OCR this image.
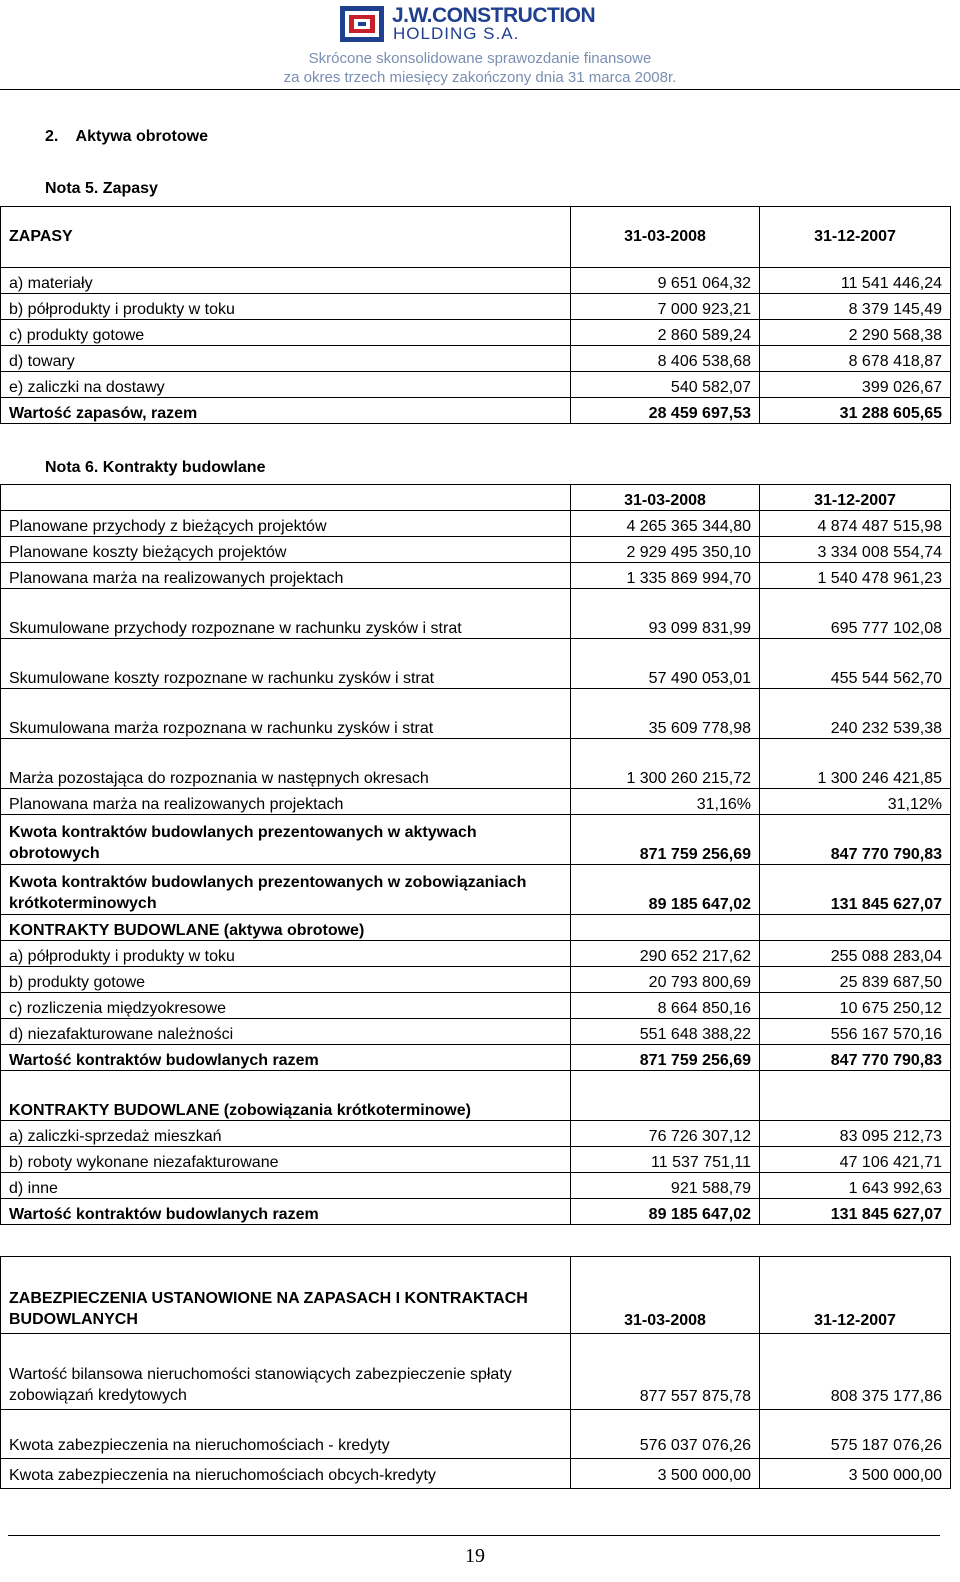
J.W.CONSTRUCTION
HOLDING S.A.
Skrócone skonsolidowane sprawozdanie finansowe
za okres trzech miesięcy zakończony dnia 31 marca 2008r.
2.    Aktywa obrotowe
Nota 5. Zapasy
ZAPASY	31-03-2008	31-12-2007
a) materiały	9 651 064,32	11 541 446,24
b) półprodukty i produkty w toku	7 000 923,21	8 379 145,49
c) produkty gotowe	2 860 589,24	2 290 568,38
d) towary	8 406 538,68	8 678 418,87
e) zaliczki na dostawy	540 582,07	399 026,67
Wartość zapasów, razem	28 459 697,53	31 288 605,65
Nota 6. Kontrakty budowlane
	31-03-2008	31-12-2007
Planowane przychody z bieżących projektów	4 265 365 344,80	4 874 487 515,98
Planowane koszty bieżących projektów	2 929 495 350,10	3 334 008 554,74
Planowana marża na realizowanych projektach	1 335 869 994,70	1 540 478 961,23
Skumulowane przychody rozpoznane w rachunku zysków i strat	93 099 831,99	695 777 102,08
Skumulowane koszty rozpoznane w rachunku zysków i strat	57 490 053,01	455 544 562,70
Skumulowana marża rozpoznana w rachunku zysków i strat	35 609 778,98	240 232 539,38
Marża pozostająca do rozpoznania w następnych okresach	1 300 260 215,72	1 300 246 421,85
Planowana marża na realizowanych projektach	31,16%	31,12%
Kwota kontraktów budowlanych prezentowanych w aktywach obrotowych	871 759 256,69	847 770 790,83
Kwota kontraktów budowlanych prezentowanych w zobowiązaniach krótkoterminowych	89 185 647,02	131 845 627,07
KONTRAKTY BUDOWLANE (aktywa obrotowe)		
a) półprodukty i produkty w toku	290 652 217,62	255 088 283,04
b) produkty gotowe	20 793 800,69	25 839 687,50
c) rozliczenia międzyokresowe	8 664 850,16	10 675 250,12
d) niezafakturowane należności	551 648 388,22	556 167 570,16
Wartość kontraktów budowlanych razem	871 759 256,69	847 770 790,83
KONTRAKTY BUDOWLANE (zobowiązania krótkoterminowe)		
a) zaliczki-sprzedaż mieszkań	76 726 307,12	83 095 212,73
b) roboty wykonane niezafakturowane	11 537 751,11	47 106 421,71
d) inne	921 588,79	1 643 992,63
Wartość kontraktów budowlanych razem	89 185 647,02	131 845 627,07
ZABEZPIECZENIA USTANOWIONE NA ZAPASACH I KONTRAKTACH BUDOWLANYCH	31-03-2008	31-12-2007
Wartość bilansowa nieruchomości stanowiących zabezpieczenie spłaty zobowiązań kredytowych	877 557 875,78	808 375 177,86
Kwota zabezpieczenia na nieruchomościach - kredyty	576 037 076,26	575 187 076,26
Kwota zabezpieczenia na nieruchomościach obcych-kredyty	3 500 000,00	3 500 000,00
19
